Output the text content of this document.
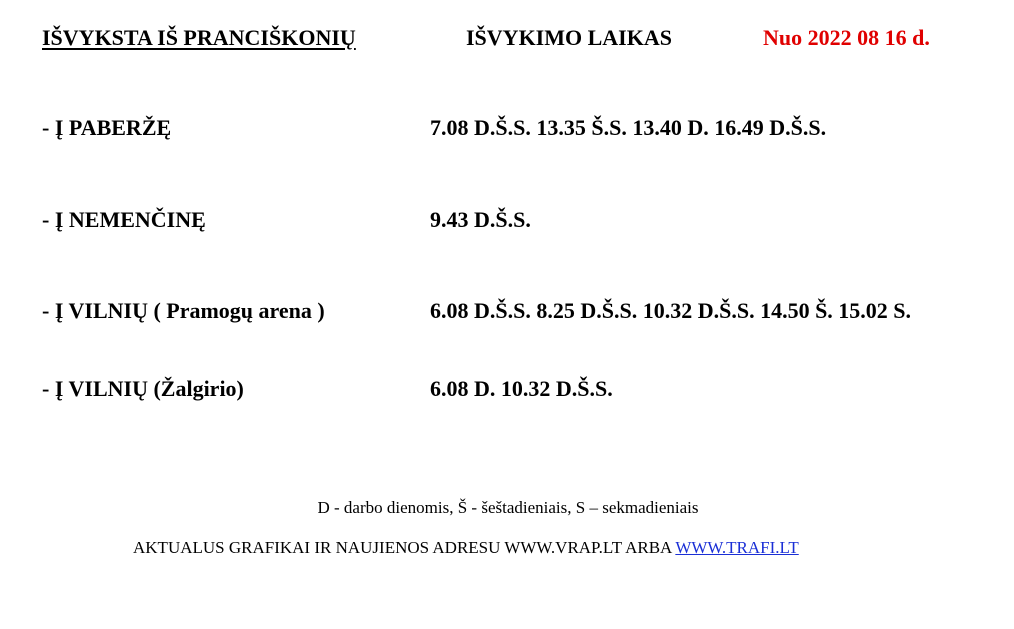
IŠVYKSTA IŠ PRANCIŠKONIŲ	IŠVYKIMO LAIKAS	Nuo 2022 08 16 d.
- Į PABERŽĘ	7.08 D.Š.S. 13.35 Š.S. 13.40 D. 16.49 D.Š.S.
- Į NEMENČINĘ	9.43 D.Š.S.
- Į VILNIŲ ( Pramogų arena )	6.08 D.Š.S. 8.25 D.Š.S. 10.32 D.Š.S. 14.50 Š. 15.02 S.
- Į VILNIŲ (Žalgirio)	6.08 D. 10.32 D.Š.S.
D - darbo dienomis, Š - šeštadieniais, S – sekmadieniais
AKTUALUS GRAFIKAI IR NAUJIENOS ADRESU WWW.VRAP.LT ARBA WWW.TRAFI.LT
